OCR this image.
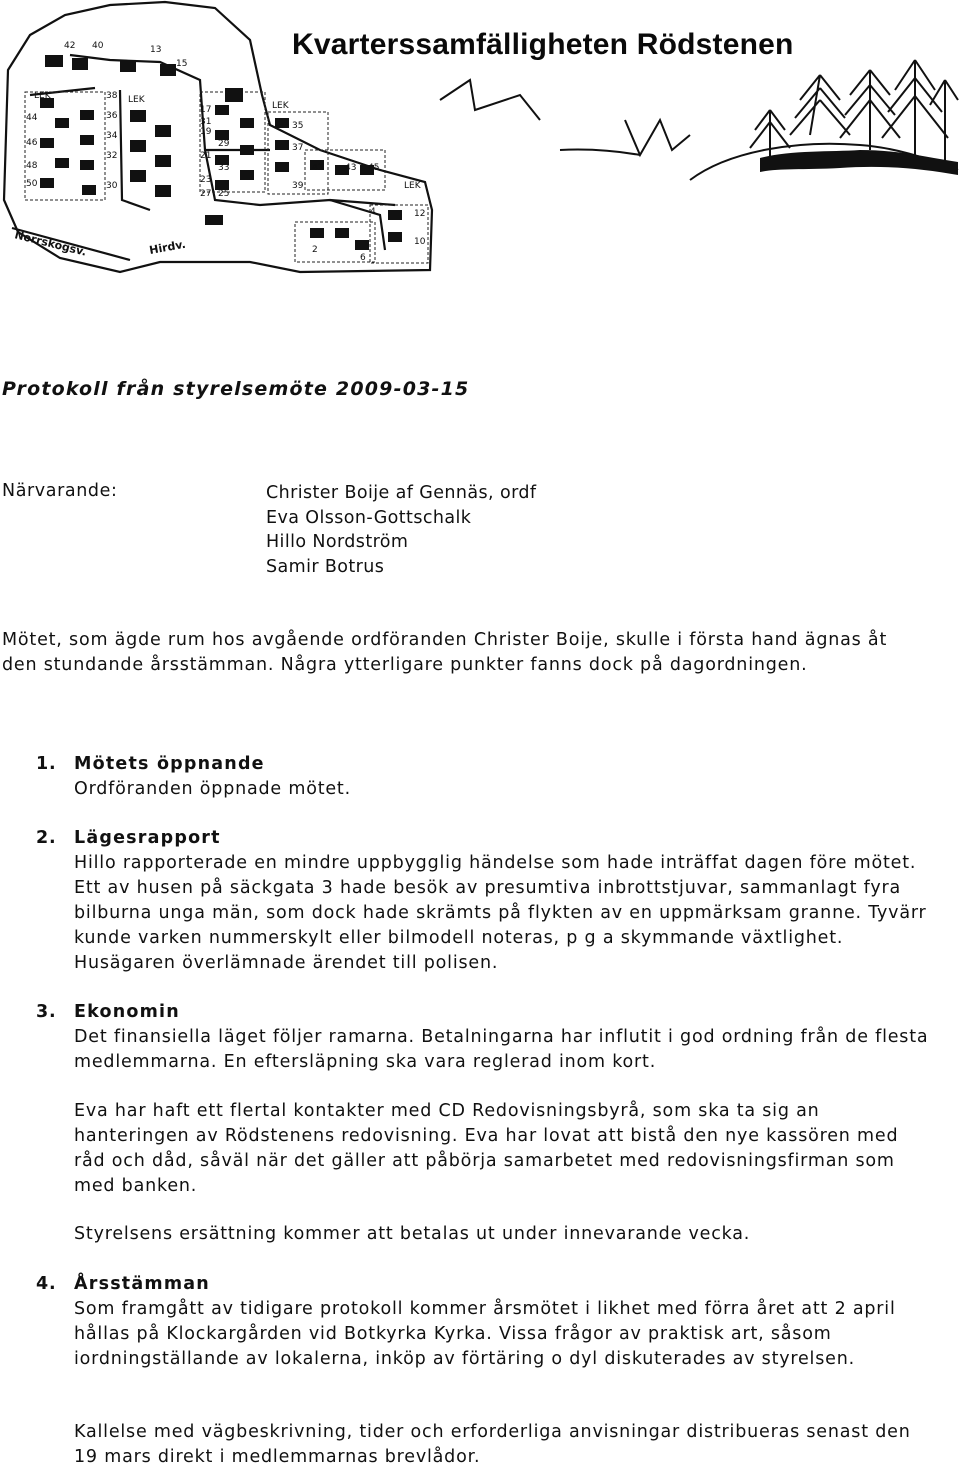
42 40	13
15
LEK	38
36
34
32
30
44
46
48
50
LEK
17
19
21
23
27
31
29
33
25
LEK
35
37
39
41 43 45
LEK
12
10
4
2
6
Norrskogsv.	Hirdv.
Kvarterssamfälligheten Rödstenen
Protokoll från styrelsemöte 2009-03-15
Närvarande:	Christer Boije af Gennäs, ordf
Eva Olsson-Gottschalk
Hillo Nordström
Samir Botrus
Mötet, som ägde rum hos avgående ordföranden Christer Boije, skulle i första hand ägnas åt den stundande årsstämman. Några ytterligare punkter fanns dock på dagordningen.
1. Mötets öppnande
Ordföranden öppnade mötet.
2. Lägesrapport
Hillo rapporterade en mindre uppbygglig händelse som hade inträffat dagen före mötet. Ett av husen på säckgata 3 hade besök av presumtiva inbrottstjuvar, sammanlagt fyra bilburna unga män, som dock hade skrämts på flykten av en uppmärksam granne. Tyvärr kunde varken nummerskylt eller bilmodell noteras, p g a skymmande växtlighet. Husägaren överlämnade ärendet till polisen.
3. Ekonomin
Det finansiella läget följer ramarna. Betalningarna har influtit i god ordning från de flesta medlemmarna. En eftersläpning ska vara reglerad inom kort.
Eva har haft ett flertal kontakter med CD Redovisningsbyrå, som ska ta sig an hanteringen av Rödstenens redovisning. Eva har lovat att bistå den nye kassören med råd och dåd, såväl när det gäller att påbörja samarbetet med redovisningsfirman som med banken.
Styrelsens ersättning kommer att betalas ut under innevarande vecka.
4. Årsstämman
Som framgått av tidigare protokoll kommer årsmötet i likhet med förra året att 2 april hållas på Klockargården vid Botkyrka Kyrka. Vissa frågor av praktisk art, såsom iordningställande av lokalerna, inköp av förtäring o dyl diskuterades av styrelsen.
Kallelse med vägbeskrivning, tider och erforderliga anvisningar distribueras senast den 19 mars direkt i medlemmarnas brevlådor.
